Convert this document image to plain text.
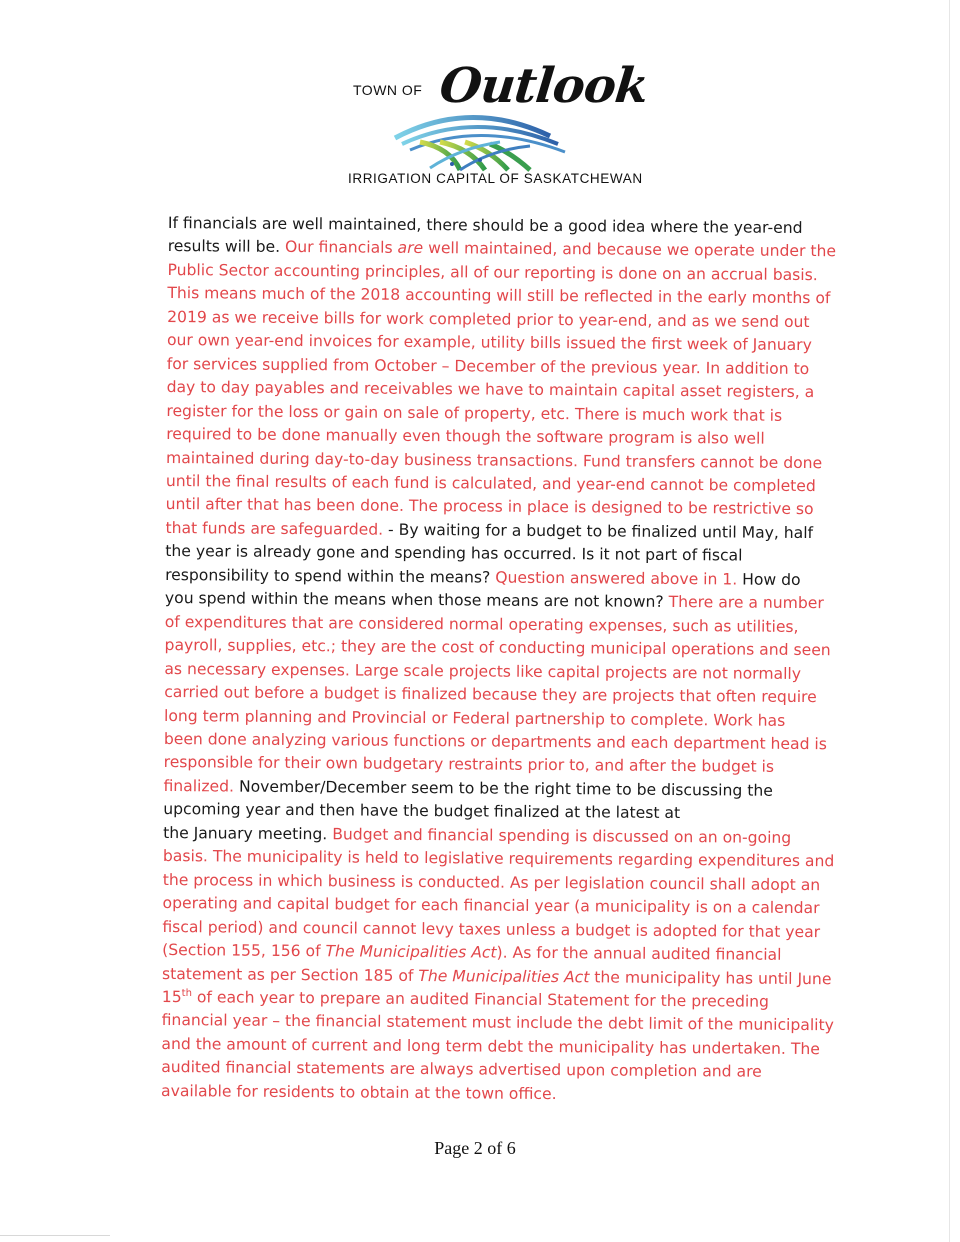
TOWN OF Outlook
IRRIGATION CAPITAL OF SASKATCHEWAN
If financials are well maintained, there should be a good idea where the year-end
results will be. Our financials are well maintained, and because we operate under the
Public Sector accounting principles, all of our reporting is done on an accrual basis.
This means much of the 2018 accounting will still be reflected in the early months of
2019 as we receive bills for work completed prior to year-end, and as we send out
our own year-end invoices for example, utility bills issued the first week of January
for services supplied from October – December of the previous year. In addition to
day to day payables and receivables we have to maintain capital asset registers, a
register for the loss or gain on sale of property, etc. There is much work that is
required to be done manually even though the software program is also well
maintained during day-to-day business transactions. Fund transfers cannot be done
until the final results of each fund is calculated, and year-end cannot be completed
until after that has been done. The process in place is designed to be restrictive so
that funds are safeguarded. - By waiting for a budget to be finalized until May, half
the year is already gone and spending has occurred. Is it not part of fiscal
responsibility to spend within the means? Question answered above in 1. How do
you spend within the means when those means are not known? There are a number
of expenditures that are considered normal operating expenses, such as utilities,
payroll, supplies, etc.; they are the cost of conducting municipal operations and seen
as necessary expenses. Large scale projects like capital projects are not normally
carried out before a budget is finalized because they are projects that often require
long term planning and Provincial or Federal partnership to complete. Work has
been done analyzing various functions or departments and each department head is
responsible for their own budgetary restraints prior to, and after the budget is
finalized. November/December seem to be the right time to be discussing the
upcoming year and then have the budget finalized at the latest at
the January meeting. Budget and financial spending is discussed on an on-going
basis. The municipality is held to legislative requirements regarding expenditures and
the process in which business is conducted. As per legislation council shall adopt an
operating and capital budget for each financial year (a municipality is on a calendar
fiscal period) and council cannot levy taxes unless a budget is adopted for that year
(Section 155, 156 of The Municipalities Act). As for the annual audited financial
statement as per Section 185 of The Municipalities Act the municipality has until June
15th of each year to prepare an audited Financial Statement for the preceding
financial year – the financial statement must include the debt limit of the municipality
and the amount of current and long term debt the municipality has undertaken. The
audited financial statements are always advertised upon completion and are
available for residents to obtain at the town office.
Page 2 of 6
